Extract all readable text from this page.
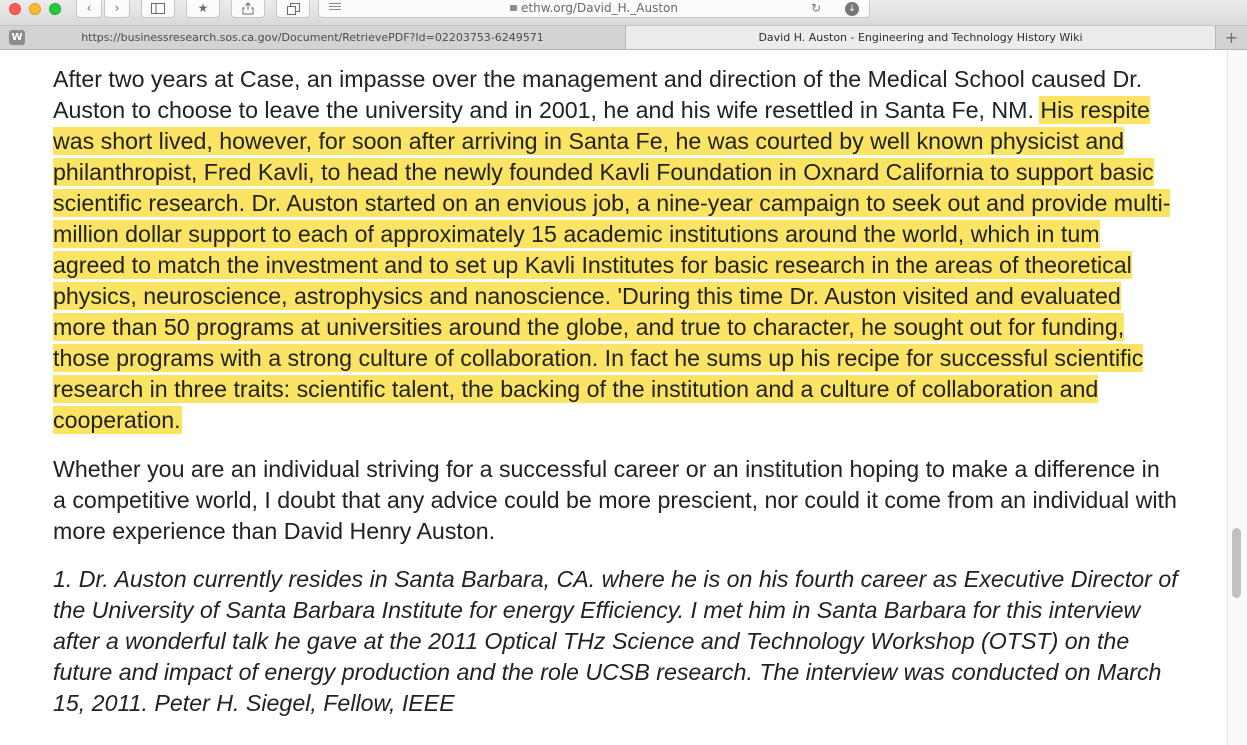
‹	›	★	ethw.org/David_H._Auston	↻	↓
W	https://businessresearch.sos.ca.gov/Document/RetrievePDF?Id=02203753-6249571	David H. Auston - Engineering and Technology History Wiki	+

After two years at Case, an impasse over the management and direction of the Medical School caused Dr. Auston to choose to leave the university and in 2001, he and his wife resettled in Santa Fe, NM. His respite was short lived, however, for soon after arriving in Santa Fe, he was courted by well known physicist and philanthropist, Fred Kavli, to head the newly founded Kavli Foundation in Oxnard California to support basic scientific research. Dr. Auston started on an envious job, a nine-year campaign to seek out and provide multi-million dollar support to each of approximately 15 academic institutions around the world, which in tum agreed to match the investment and to set up Kavli Institutes for basic research in the areas of theoretical physics, neuroscience, astrophysics and nanoscience. 'During this time Dr. Auston visited and evaluated more than 50 programs at universities around the globe, and true to character, he sought out for funding, those programs with a strong culture of collaboration. In fact he sums up his recipe for successful scientific research in three traits: scientific talent, the backing of the institution and a culture of collaboration and cooperation.

Whether you are an individual striving for a successful career or an institution hoping to make a difference in a competitive world, I doubt that any advice could be more prescient, nor could it come from an individual with more experience than David Henry Auston.

1. Dr. Auston currently resides in Santa Barbara, CA. where he is on his fourth career as Executive Director of the University of Santa Barbara Institute for energy Efficiency. I met him in Santa Barbara for this interview after a wonderful talk he gave at the 2011 Optical THz Science and Technology Workshop (OTST) on the future and impact of energy production and the role UCSB research. The interview was conducted on March 15, 2011. Peter H. Siegel, Fellow, IEEE
